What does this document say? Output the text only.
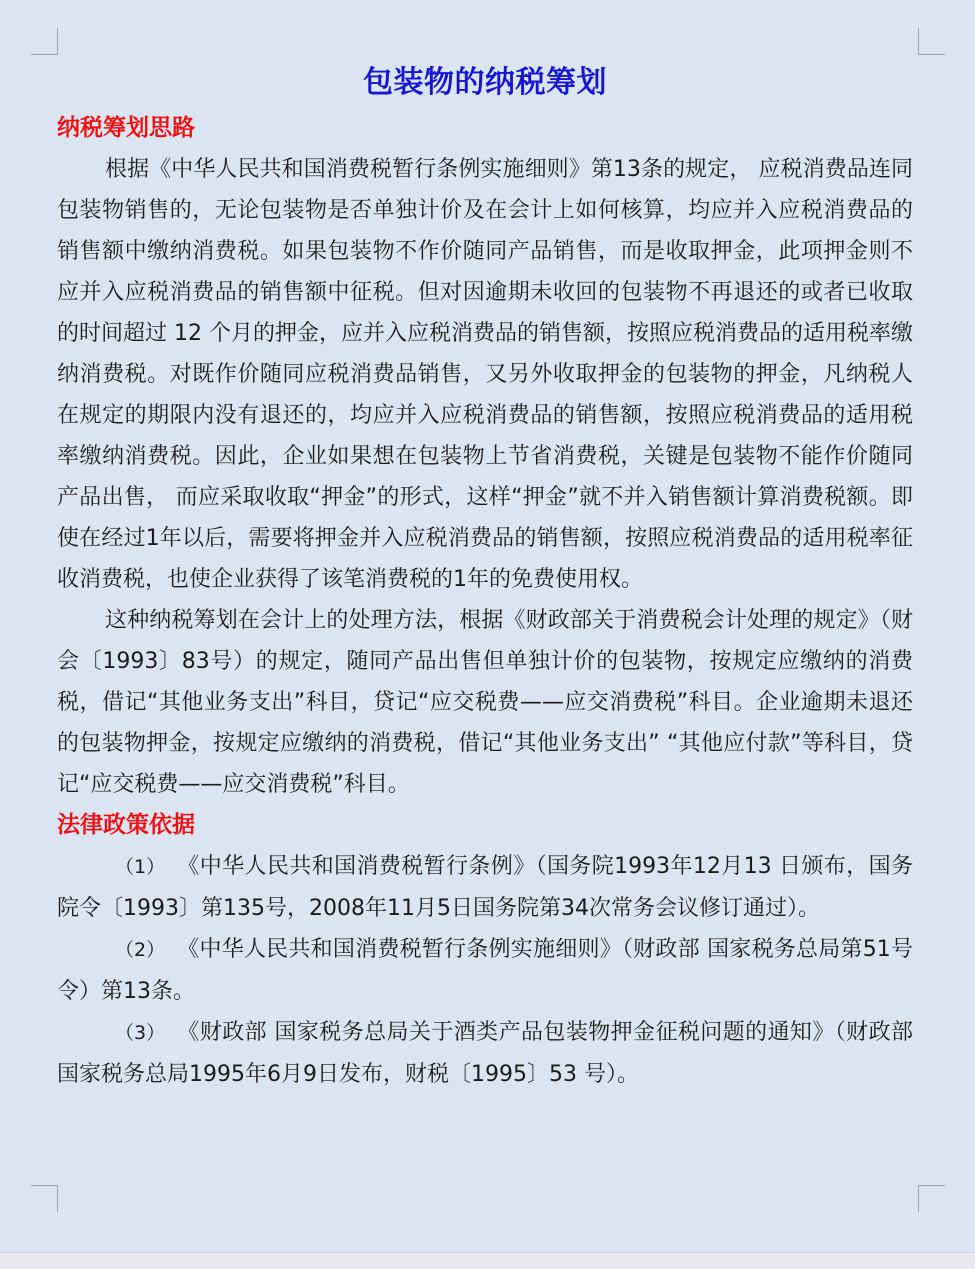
包装物的纳税筹划
纳税筹划思路

根据《中华人民共和国消费税暂行条例实施细则》第13条的规定， 应税消费品连同包装物销售的，无论包装物是否单独计价及在会计上如何核算，均应并入应税消费品的销售额中缴纳消费税。如果包装物不作价随同产品销售，而是收取押金，此项押金则不应并入应税消费品的销售额中征税。但对因逾期未收回的包装物不再退还的或者已收取的时间超过 12 个月的押金，应并入应税消费品的销售额，按照应税消费品的适用税率缴纳消费税。对既作价随同应税消费品销售，又另外收取押金的包装物的押金，凡纳税人在规定的期限内没有退还的，均应并入应税消费品的销售额，按照应税消费品的适用税率缴纳消费税。因此，企业如果想在包装物上节省消费税，关键是包装物不能作价随同产品出售， 而应采取收取“押金”的形式，这样“押金”就不并入销售额计算消费税额。即使在经过1年以后，需要将押金并入应税消费品的销售额，按照应税消费品的适用税率征收消费税，也使企业获得了该笔消费税的1年的免费使用权。

这种纳税筹划在会计上的处理方法，根据《财政部关于消费税会计处理的规定》（财会〔1993〕83号）的规定，随同产品出售但单独计价的包装物，按规定应缴纳的消费税，借记“其他业务支出”科目，贷记“应交税费——应交消费税”科目。企业逾期未退还的包装物押金，按规定应缴纳的消费税，借记“其他业务支出” “其他应付款”等科目，贷记“应交税费——应交消费税”科目。

法律政策依据

（1） 《中华人民共和国消费税暂行条例》（国务院1993年12月13 日颁布，国务院令〔1993〕第135号，2008年11月5日国务院第34次常务会议修订通过）。

（2） 《中华人民共和国消费税暂行条例实施细则》（财政部 国家税务总局第51号令）第13条。

（3） 《财政部 国家税务总局关于酒类产品包装物押金征税问题的通知》（财政部 国家税务总局1995年6月9日发布，财税〔1995〕53 号）。
